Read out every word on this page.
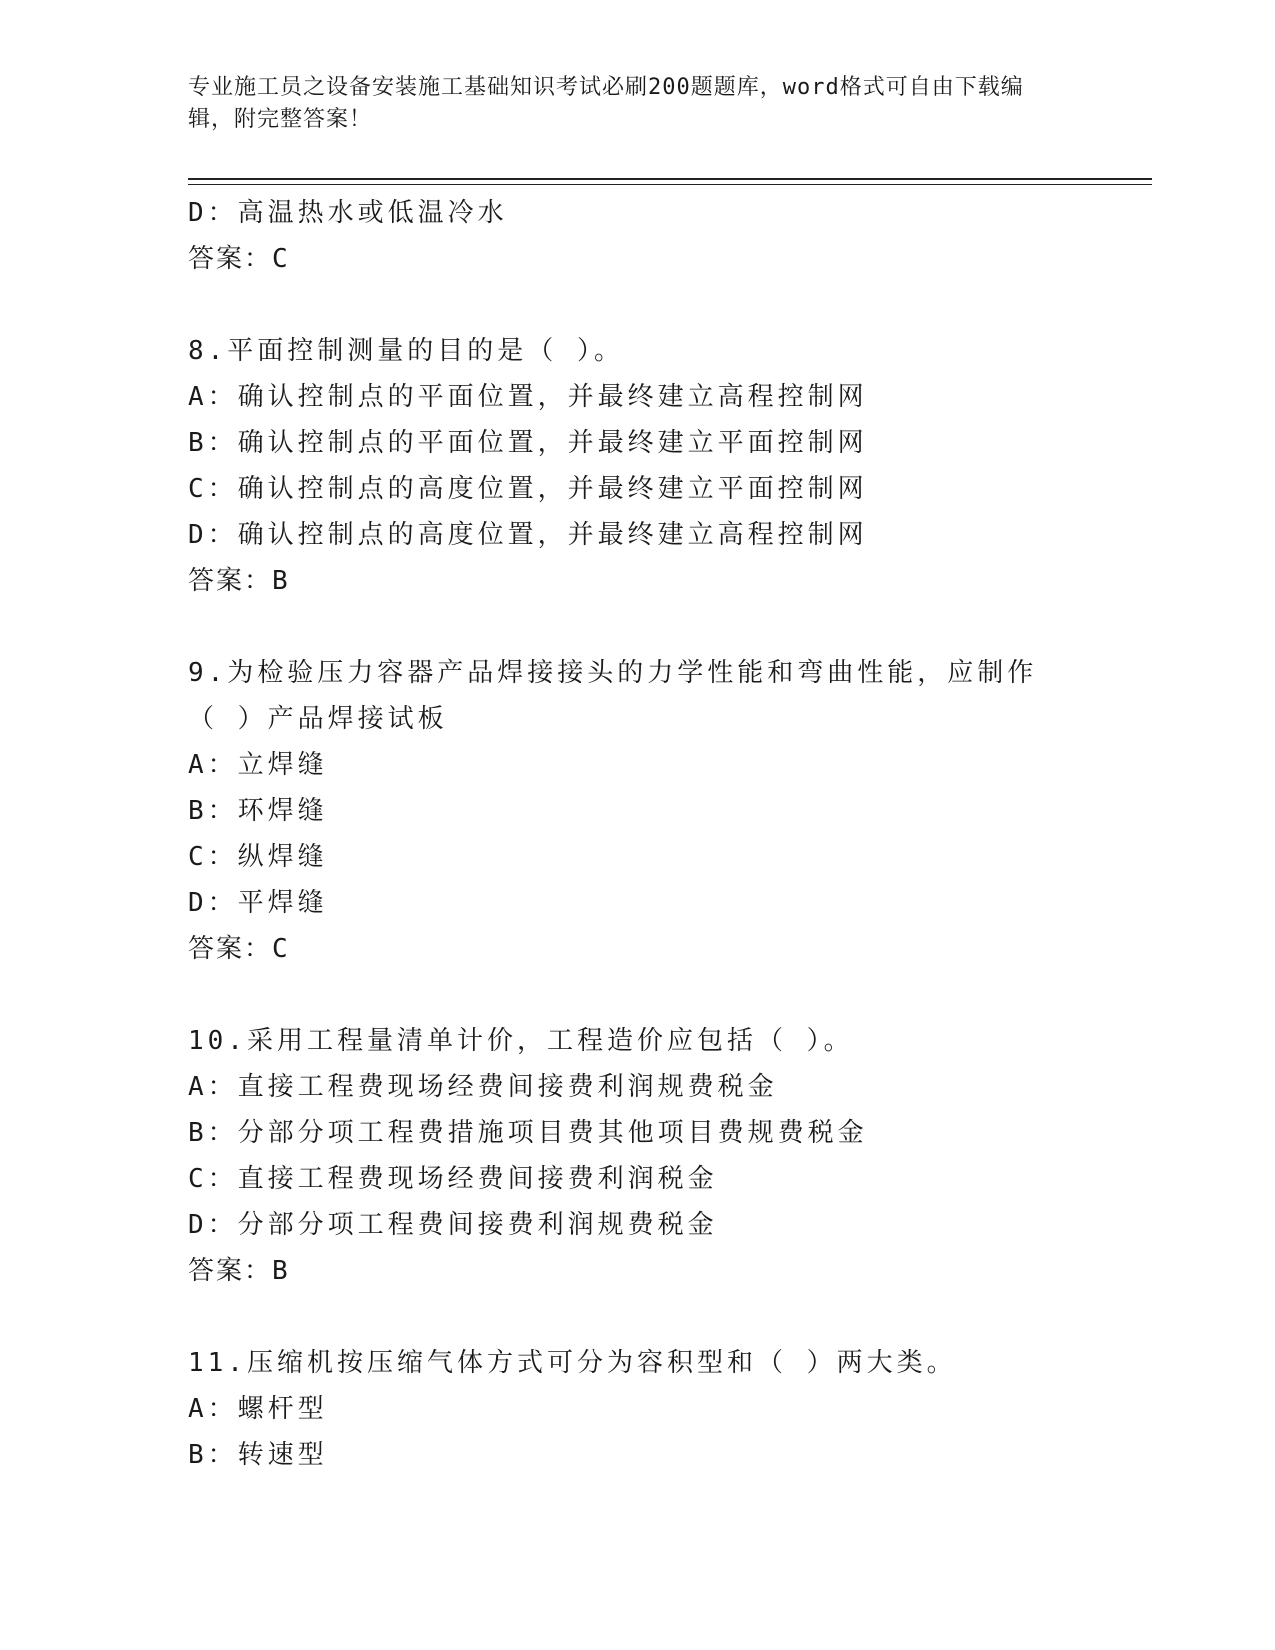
专业施工员之设备安装施工基础知识考试必刷200题题库，word格式可自由下载编辑，附完整答案！
D：高温热水或低温冷水
答案：C
8.平面控制测量的目的是（ ）。
A：确认控制点的平面位置，并最终建立高程控制网
B：确认控制点的平面位置，并最终建立平面控制网
C：确认控制点的高度位置，并最终建立平面控制网
D：确认控制点的高度位置，并最终建立高程控制网
答案：B
9.为检验压力容器产品焊接接头的力学性能和弯曲性能，应制作（ ）产品焊接试板
A：立焊缝
B：环焊缝
C：纵焊缝
D：平焊缝
答案：C
10.采用工程量清单计价，工程造价应包括（ ）。
A：直接工程费现场经费间接费利润规费税金
B：分部分项工程费措施项目费其他项目费规费税金
C：直接工程费现场经费间接费利润税金
D：分部分项工程费间接费利润规费税金
答案：B
11.压缩机按压缩气体方式可分为容积型和（ ）两大类。
A：螺杆型
B：转速型
